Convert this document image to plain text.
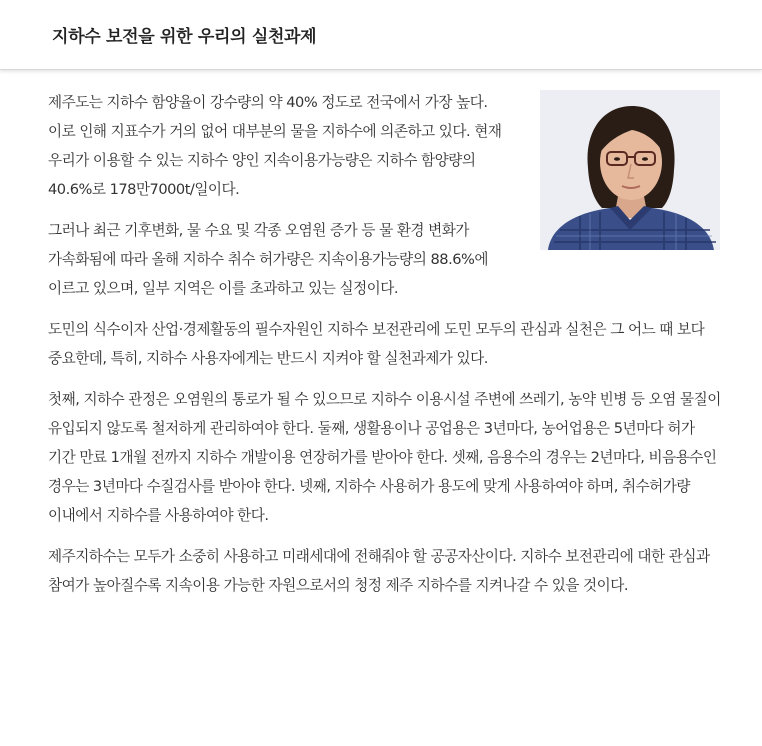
지하수 보전을 위한 우리의 실천과제

제주도는 지하수 함양율이 강수량의 약 40% 정도로 전국에서 가장 높다. 이로 인해 지표수가 거의 없어 대부분의 물을 지하수에 의존하고 있다. 현재 우리가 이용할 수 있는 지하수 양인 지속이용가능량은 지하수 함양량의 40.6%로 178만7000t/일이다.

그러나 최근 기후변화, 물 수요 및 각종 오염원 증가 등 물 환경 변화가 가속화됨에 따라 올해 지하수 취수 허가량은 지속이용가능량의 88.6%에 이르고 있으며, 일부 지역은 이를 초과하고 있는 실정이다.

도민의 식수이자 산업·경제활동의 필수자원인 지하수 보전관리에 도민 모두의 관심과 실천은 그 어느 때 보다 중요한데, 특히, 지하수 사용자에게는 반드시 지켜야 할 실천과제가 있다.

첫째, 지하수 관정은 오염원의 통로가 될 수 있으므로 지하수 이용시설 주변에 쓰레기, 농약 빈병 등 오염 물질이 유입되지 않도록 철저하게 관리하여야 한다. 둘째, 생활용이나 공업용은 3년마다, 농어업용은 5년마다 허가 기간 만료 1개월 전까지 지하수 개발이용 연장허가를 받아야 한다. 셋째, 음용수의 경우는 2년마다, 비음용수인 경우는 3년마다 수질검사를 받아야 한다. 넷째, 지하수 사용허가 용도에 맞게 사용하여야 하며, 취수허가량 이내에서 지하수를 사용하여야 한다.

제주지하수는 모두가 소중히 사용하고 미래세대에 전해줘야 할 공공자산이다. 지하수 보전관리에 대한 관심과 참여가 높아질수록 지속이용 가능한 자원으로서의 청정 제주 지하수를 지켜나갈 수 있을 것이다.
